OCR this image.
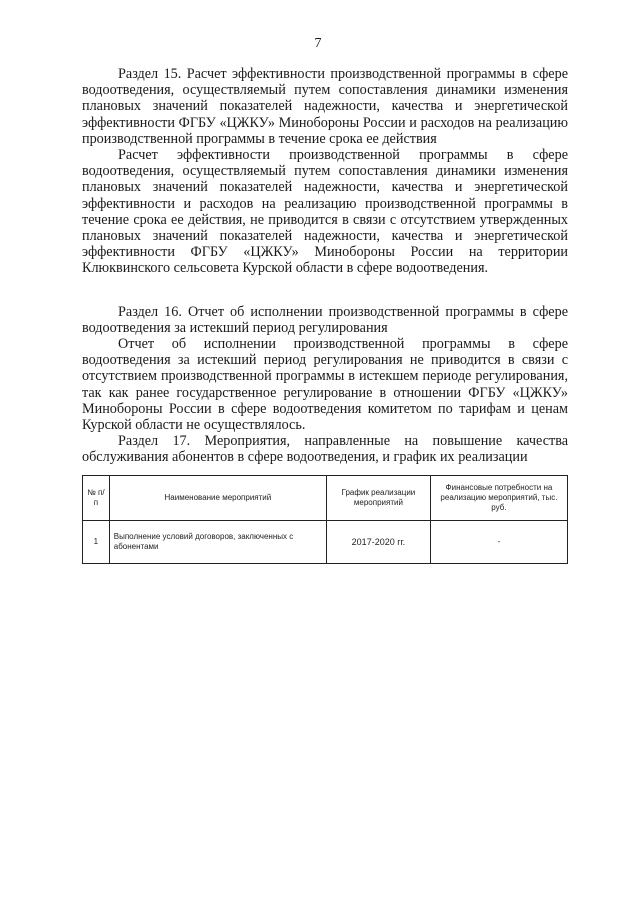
7

Раздел 15. Расчет эффективности производственной программы в сфере водоотведения, осуществляемый путем сопоставления динамики изменения плановых значений показателей надежности, качества и энергетической эффективности ФГБУ «ЦЖКУ» Минобороны России и расходов на реализацию производственной программы в течение срока ее действия

Расчет эффективности производственной программы в сфере водоотведения, осуществляемый путем сопоставления динамики изменения плановых значений показателей надежности, качества и энергетической эффективности и расходов на реализацию производственной программы в течение срока ее действия, не приводится в связи с отсутствием утвержденных плановых значений показателей надежности, качества и энергетической эффективности ФГБУ «ЦЖКУ» Минобороны России на территории Клюквинского сельсовета Курской области в сфере водоотведения.

Раздел 16. Отчет об исполнении производственной программы в сфере водоотведения за истекший период регулирования

Отчет об исполнении производственной программы в сфере водоотведения за истекший период регулирования не приводится в связи с отсутствием производственной программы в истекшем периоде регулирования, так как ранее государственное регулирование в отношении ФГБУ «ЦЖКУ» Минобороны России в сфере водоотведения комитетом по тарифам и ценам Курской области не осуществлялось.

Раздел 17. Мероприятия, направленные на повышение качества обслуживания абонентов в сфере водоотведения, и график их реализации

№ п/п	Наименование мероприятий	График реализации мероприятий	Финансовые потребности на реализацию мероприятий, тыс. руб.
1	Выполнение условий договоров, заключенных с абонентами	2017-2020 гг.	-
